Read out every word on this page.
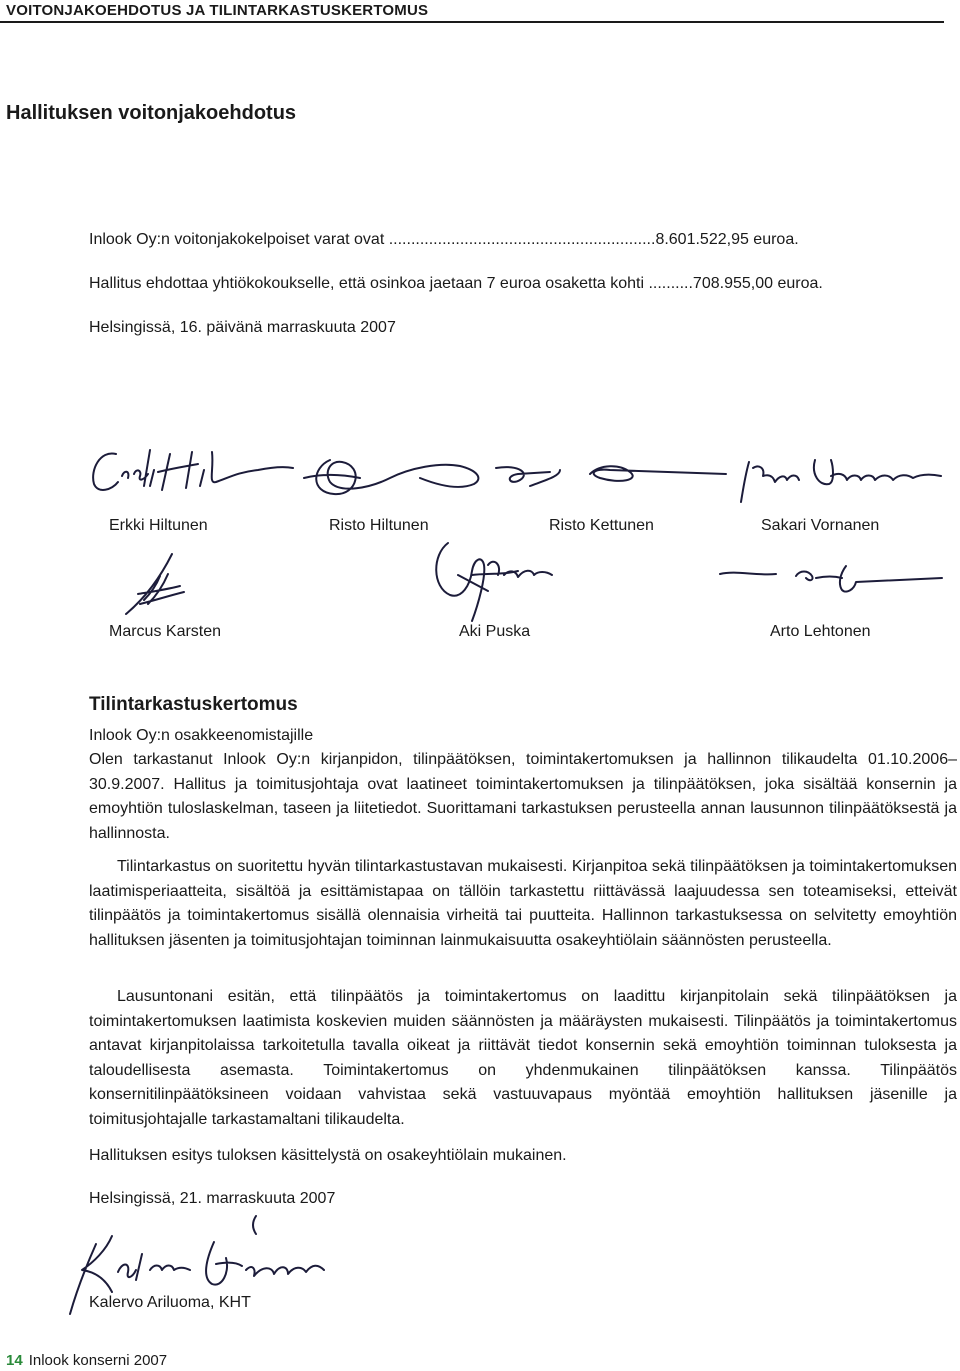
VOITONJAKOEHDOTUS JA TILINTARKASTUSKERTOMUS
Hallituksen voitonjakoehdotus
Inlook Oy:n voitonjakokelpoiset varat ovat ............................................................8.601.522,95 euroa.
Hallitus ehdottaa yhtiökokoukselle, että osinkoa jaetaan 7 euroa osaketta kohti ..........708.955,00 euroa.
Helsingissä, 16. päivänä marraskuuta 2007
Erkki Hiltunen	Risto Hiltunen	Risto Kettunen	Sakari Vornanen
Marcus Karsten	Aki Puska	Arto Lehtonen
Tilintarkastuskertomus
Inlook Oy:n osakkeenomistajille
Olen tarkastanut Inlook Oy:n kirjanpidon, tilinpäätöksen, toimintakertomuksen ja hallinnon tilikaudelta 01.10.2006–30.9.2007. Hallitus ja toimitusjohtaja ovat laatineet toimintakertomuksen ja tilinpäätöksen, joka sisältää konsernin ja emoyhtiön tuloslaskelman, taseen ja liitetiedot. Suorittamani tarkastuksen perusteella annan lausunnon tilinpäätöksestä ja hallinnosta.
Tilintarkastus on suoritettu hyvän tilintarkastustavan mukaisesti. Kirjanpitoa sekä tilinpäätöksen ja toimintakertomuksen laatimisperiaatteita, sisältöä ja esittämistapaa on tällöin tarkastettu riittävässä laajuudessa sen toteamiseksi, etteivät tilinpäätös ja toimintakertomus sisällä olennaisia virheitä tai puutteita. Hallinnon tarkastuksessa on selvitetty emoyhtiön hallituksen jäsenten ja toimitusjohtajan toiminnan lainmukaisuutta osakeyhtiölain säännösten perusteella.
Lausuntonani esitän, että tilinpäätös ja toimintakertomus on laadittu kirjanpitolain sekä tilinpäätöksen ja toimintakertomuksen laatimista koskevien muiden säännösten ja määräysten mukaisesti. Tilinpäätös ja toimintakertomus antavat kirjanpitolaissa tarkoitetulla tavalla oikeat ja riittävät tiedot konsernin sekä emoyhtiön toiminnan tuloksesta ja taloudellisesta asemasta. Toimintakertomus on yhdenmukainen tilinpäätöksen kanssa. Tilinpäätös konsernitilinpäätöksineen voidaan vahvistaa sekä vastuuvapaus myöntää emoyhtiön hallituksen jäsenille ja toimitusjohtajalle tarkastamaltani tilikaudelta.
Hallituksen esitys tuloksen käsittelystä on osakeyhtiölain mukainen.
Helsingissä, 21. marraskuuta 2007
Kalervo Ariluoma, KHT
14 Inlook konserni 2007
